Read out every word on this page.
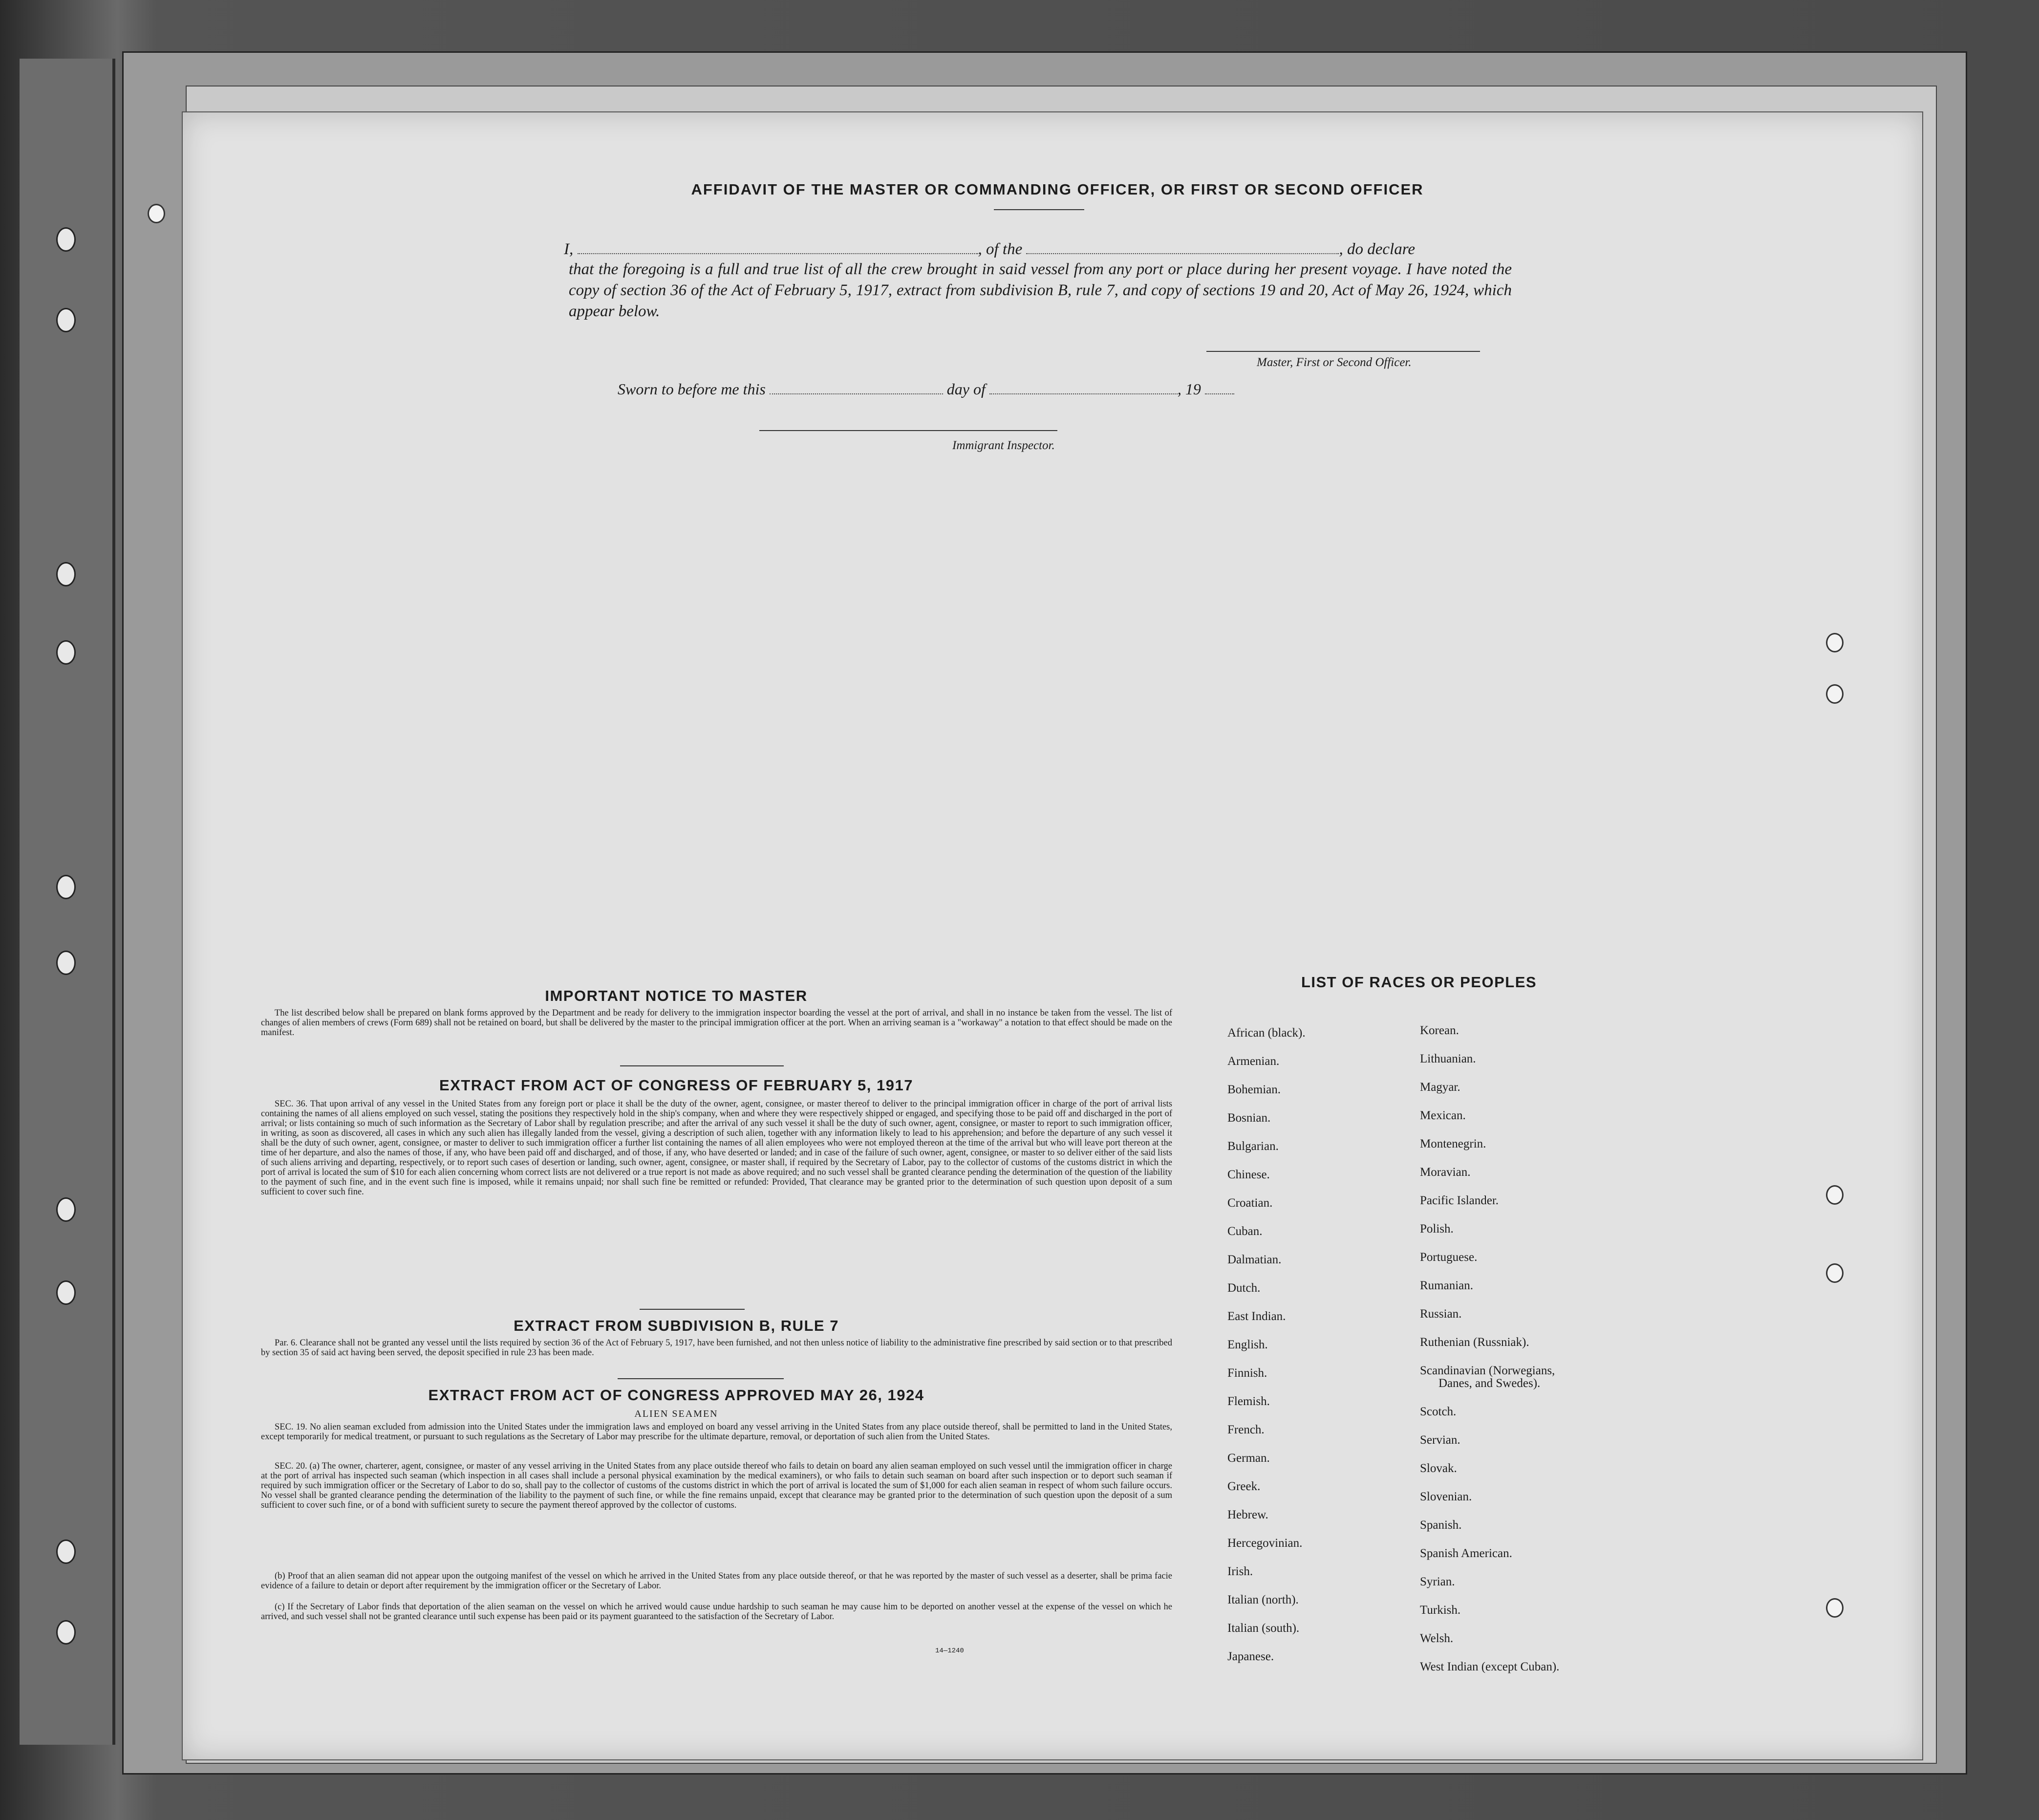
AFFIDAVIT OF THE MASTER OR COMMANDING OFFICER, OR FIRST OR SECOND OFFICER
I,	, of the	, do declare
that the foregoing is a full and true list of all the crew brought in said vessel from any port or place during her present voyage. I have noted the copy of section 36 of the Act of February 5, 1917, extract from subdivision B, rule 7, and copy of sections 19 and 20, Act of May 26, 1924, which appear below.
Master, First or Second Officer.
Sworn to before me this	day of	, 19
Immigrant Inspector.
IMPORTANT NOTICE TO MASTER
The list described below shall be prepared on blank forms approved by the Department and be ready for delivery to the immigration inspector boarding the vessel at the port of arrival, and shall in no instance be taken from the vessel. The list of changes of alien members of crews (Form 689) shall not be retained on board, but shall be delivered by the master to the principal immigration officer at the port. When an arriving seaman is a "workaway" a notation to that effect should be made on the manifest.
EXTRACT FROM ACT OF CONGRESS OF FEBRUARY 5, 1917
SEC. 36. That upon arrival of any vessel in the United States from any foreign port or place it shall be the duty of the owner, agent, consignee, or master thereof to deliver to the principal immigration officer in charge of the port of arrival lists containing the names of all aliens employed on such vessel, stating the positions they respectively hold in the ship's company, when and where they were respectively shipped or engaged, and specifying those to be paid off and discharged in the port of arrival; or lists containing so much of such information as the Secretary of Labor shall by regulation prescribe; and after the arrival of any such vessel it shall be the duty of such owner, agent, consignee, or master to report to such immigration officer, in writing, as soon as discovered, all cases in which any such alien has illegally landed from the vessel, giving a description of such alien, together with any information likely to lead to his apprehension; and before the departure of any such vessel it shall be the duty of such owner, agent, consignee, or master to deliver to such immigration officer a further list containing the names of all alien employees who were not employed thereon at the time of the arrival but who will leave port thereon at the time of her departure, and also the names of those, if any, who have been paid off and discharged, and of those, if any, who have deserted or landed; and in case of the failure of such owner, agent, consignee, or master to so deliver either of the said lists of such aliens arriving and departing, respectively, or to report such cases of desertion or landing, such owner, agent, consignee, or master shall, if required by the Secretary of Labor, pay to the collector of customs of the customs district in which the port of arrival is located the sum of $10 for each alien concerning whom correct lists are not delivered or a true report is not made as above required; and no such vessel shall be granted clearance pending the determination of the question of the liability to the payment of such fine, and in the event such fine is imposed, while it remains unpaid; nor shall such fine be remitted or refunded: Provided, That clearance may be granted prior to the determination of such question upon deposit of a sum sufficient to cover such fine.
EXTRACT FROM SUBDIVISION B, RULE 7
Par. 6. Clearance shall not be granted any vessel until the lists required by section 36 of the Act of February 5, 1917, have been furnished, and not then unless notice of liability to the administrative fine prescribed by said section or to that prescribed by section 35 of said act having been served, the deposit specified in rule 23 has been made.
EXTRACT FROM ACT OF CONGRESS APPROVED MAY 26, 1924
ALIEN SEAMEN
SEC. 19. No alien seaman excluded from admission into the United States under the immigration laws and employed on board any vessel arriving in the United States from any place outside thereof, shall be permitted to land in the United States, except temporarily for medical treatment, or pursuant to such regulations as the Secretary of Labor may prescribe for the ultimate departure, removal, or deportation of such alien from the United States.
SEC. 20. (a) The owner, charterer, agent, consignee, or master of any vessel arriving in the United States from any place outside thereof who fails to detain on board any alien seaman employed on such vessel until the immigration officer in charge at the port of arrival has inspected such seaman (which inspection in all cases shall include a personal physical examination by the medical examiners), or who fails to detain such seaman on board after such inspection or to deport such seaman if required by such immigration officer or the Secretary of Labor to do so, shall pay to the collector of customs of the customs district in which the port of arrival is located the sum of $1,000 for each alien seaman in respect of whom such failure occurs. No vessel shall be granted clearance pending the determination of the liability to the payment of such fine, or while the fine remains unpaid, except that clearance may be granted prior to the determination of such question upon the deposit of a sum sufficient to cover such fine, or of a bond with sufficient surety to secure the payment thereof approved by the collector of customs.
(b) Proof that an alien seaman did not appear upon the outgoing manifest of the vessel on which he arrived in the United States from any place outside thereof, or that he was reported by the master of such vessel as a deserter, shall be prima facie evidence of a failure to detain or deport after requirement by the immigration officer or the Secretary of Labor.
(c) If the Secretary of Labor finds that deportation of the alien seaman on the vessel on which he arrived would cause undue hardship to such seaman he may cause him to be deported on another vessel at the expense of the vessel on which he arrived, and such vessel shall not be granted clearance until such expense has been paid or its payment guaranteed to the satisfaction of the Secretary of Labor.
14—1240
LIST OF RACES OR PEOPLES
African (black).
Armenian.
Bohemian.
Bosnian.
Bulgarian.
Chinese.
Croatian.
Cuban.
Dalmatian.
Dutch.
East Indian.
English.
Finnish.
Flemish.
French.
German.
Greek.
Hebrew.
Hercegovinian.
Irish.
Italian (north).
Italian (south).
Japanese.
Korean.
Lithuanian.
Magyar.
Mexican.
Montenegrin.
Moravian.
Pacific Islander.
Polish.
Portuguese.
Rumanian.
Russian.
Ruthenian (Russniak).
Scandinavian (Norwegians,
Danes, and Swedes).
Scotch.
Servian.
Slovak.
Slovenian.
Spanish.
Spanish American.
Syrian.
Turkish.
Welsh.
West Indian (except Cuban).
